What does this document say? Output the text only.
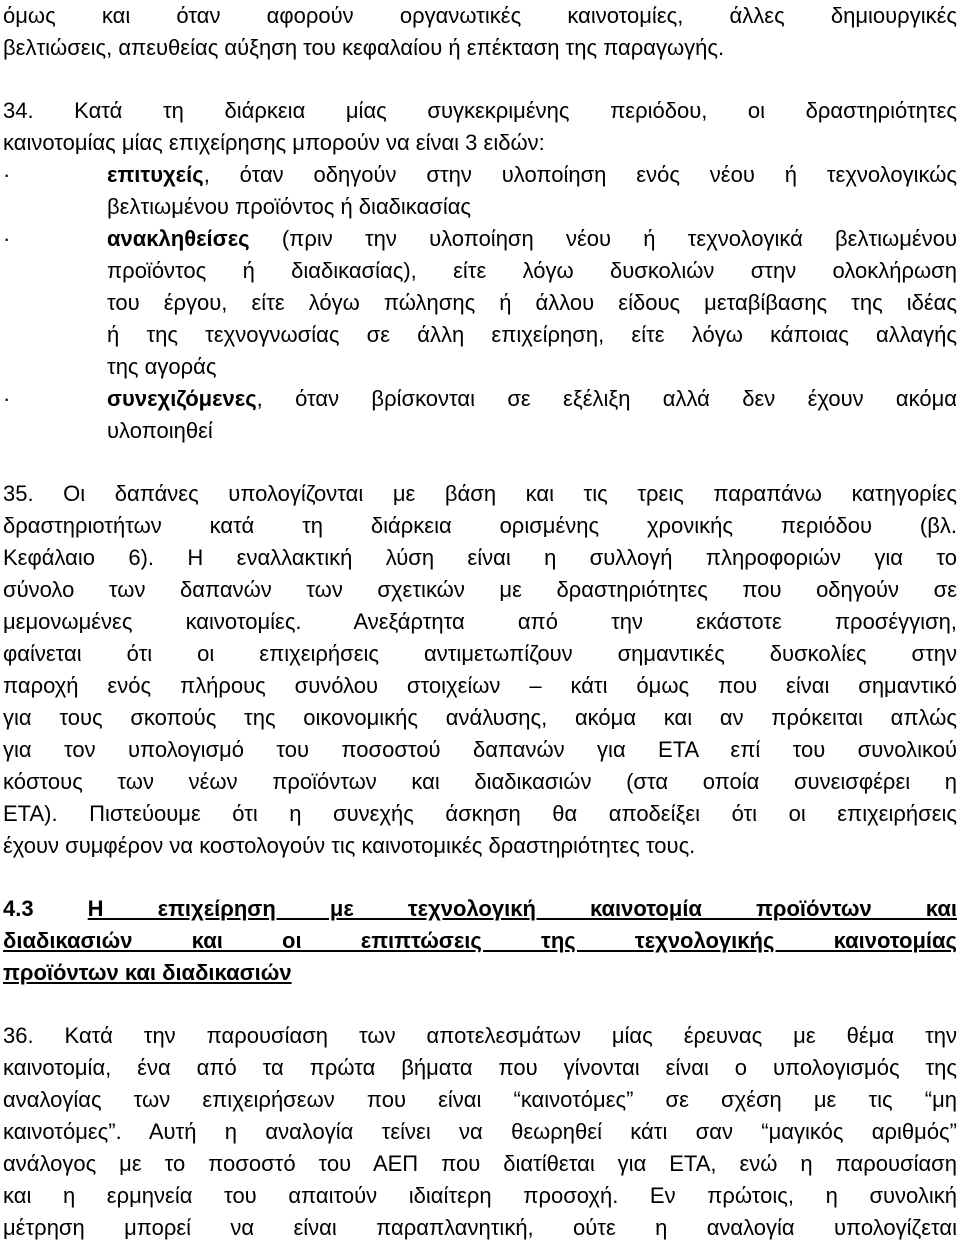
όμως και όταν αφορούν οργανωτικές καινοτομίες, άλλες δημιουργικές
βελτιώσεις, απευθείας αύξηση του κεφαλαίου ή επέκταση της παραγωγής.
34. Κατά τη διάρκεια μίας συγκεκριμένης περιόδου, οι δραστηριότητες
καινοτομίας μίας επιχείρησης μπορούν να είναι 3 ειδών:
·	επιτυχείς, όταν οδηγούν στην υλοποίηση ενός νέου ή τεχνολογικώς
βελτιωμένου προϊόντος ή διαδικασίας
·	ανακληθείσες (πριν την υλοποίηση νέου ή τεχνολογικά βελτιωμένου
προϊόντος ή διαδικασίας), είτε λόγω δυσκολιών στην ολοκλήρωση
του έργου, είτε λόγω πώλησης ή άλλου είδους μεταβίβασης της ιδέας
ή της τεχνογνωσίας σε άλλη επιχείρηση, είτε λόγω κάποιας αλλαγής
της αγοράς
·	συνεχιζόμενες, όταν βρίσκονται σε εξέλιξη αλλά δεν έχουν ακόμα
υλοποιηθεί
35. Οι δαπάνες υπολογίζονται με βάση και τις τρεις παραπάνω κατηγορίες
δραστηριοτήτων κατά τη διάρκεια ορισμένης χρονικής περιόδου (βλ.
Κεφάλαιο 6). Η εναλλακτική λύση είναι η συλλογή πληροφοριών για το
σύνολο των δαπανών των σχετικών με δραστηριότητες που οδηγούν σε
μεμονωμένες καινοτομίες. Ανεξάρτητα από την εκάστοτε προσέγγιση,
φαίνεται ότι οι επιχειρήσεις αντιμετωπίζουν σημαντικές δυσκολίες στην
παροχή ενός πλήρους συνόλου στοιχείων – κάτι όμως που είναι σημαντικό
για τους σκοπούς της οικονομικής ανάλυσης, ακόμα και αν πρόκειται απλώς
για τον υπολογισμό του ποσοστού δαπανών για ΕΤΑ επί του συνολικού
κόστους των νέων προϊόντων και διαδικασιών (στα οποία συνεισφέρει η
ΕΤΑ). Πιστεύουμε ότι η συνεχής άσκηση θα αποδείξει ότι οι επιχειρήσεις
έχουν συμφέρον να κοστολογούν τις καινοτομικές δραστηριότητες τους.
4.3 Η επιχείρηση με τεχνολογική καινοτομία προϊόντων και
διαδικασιών και οι επιπτώσεις της τεχνολογικής καινοτομίας
προϊόντων και διαδικασιών
36. Κατά την παρουσίαση των αποτελεσμάτων μίας έρευνας με θέμα την
καινοτομία, ένα από τα πρώτα βήματα που γίνονται είναι ο υπολογισμός της
αναλογίας των επιχειρήσεων που είναι “καινοτόμες” σε σχέση με τις “μη
καινοτόμες”. Αυτή η αναλογία τείνει να θεωρηθεί κάτι σαν “μαγικός αριθμός”
ανάλογος με το ποσοστό του ΑΕΠ που διατίθεται για ΕΤΑ, ενώ η παρουσίαση
και η ερμηνεία του απαιτούν ιδιαίτερη προσοχή. Εν πρώτοις, η συνολική
μέτρηση μπορεί να είναι παραπλανητική, ούτε η αναλογία υπολογίζεται
